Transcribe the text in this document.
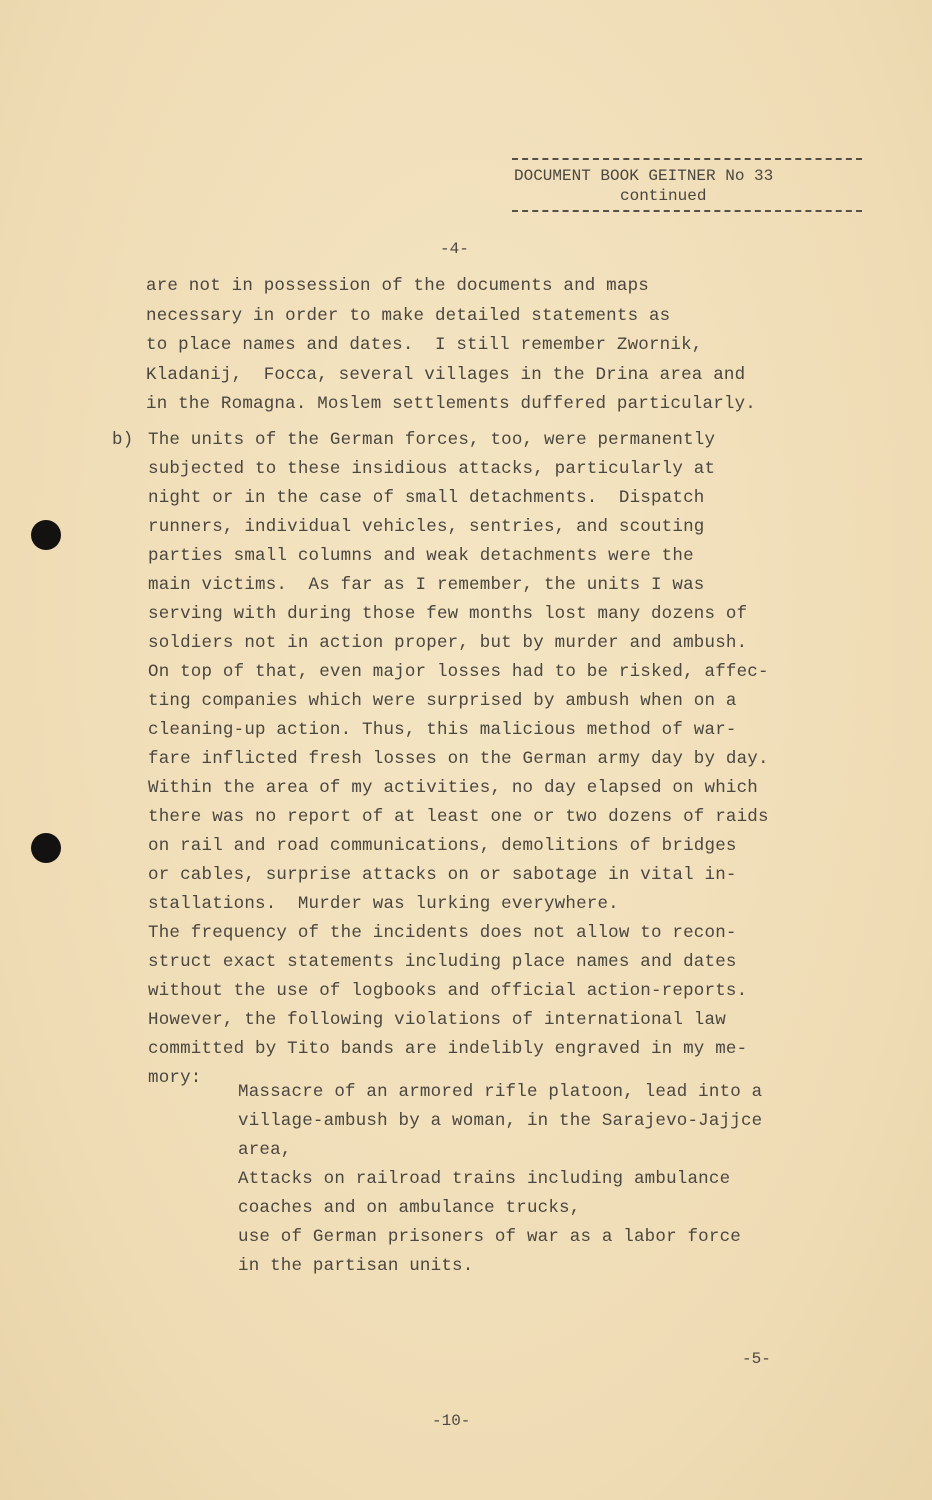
DOCUMENT BOOK GEITNER No 33
continued
-4-
are not in possession of the documents and maps
necessary in order to make detailed statements as
to place names and dates.  I still remember Zwornik,
Kladanij,  Focca, several villages in the Drina area and
in the Romagna. Moslem settlements duffered particularly.
b) The units of the German forces, too, were permanently
subjected to these insidious attacks, particularly at
night or in the case of small detachments.  Dispatch
runners, individual vehicles, sentries, and scouting
parties small columns and weak detachments were the
main victims.  As far as I remember, the units I was
serving with during those few months lost many dozens of
soldiers not in action proper, but by murder and ambush.
On top of that, even major losses had to be risked, affec-
ting companies which were surprised by ambush when on a
cleaning-up action. Thus, this malicious method of war-
fare inflicted fresh losses on the German army day by day.
Within the area of my activities, no day elapsed on which
there was no report of at least one or two dozens of raids
on rail and road communications, demolitions of bridges
or cables, surprise attacks on or sabotage in vital in-
stallations.  Murder was lurking everywhere.
The frequency of the incidents does not allow to recon-
struct exact statements including place names and dates
without the use of logbooks and official action-reports.
However, the following violations of international law
committed by Tito bands are indelibly engraved in my me-
mory:
Massacre of an armored rifle platoon, lead into a
village-ambush by a woman, in the Sarajevo-Jajjce
area,
Attacks on railroad trains including ambulance
coaches and on ambulance trucks,
use of German prisoners of war as a labor force
in the partisan units.
-5-
-10-
